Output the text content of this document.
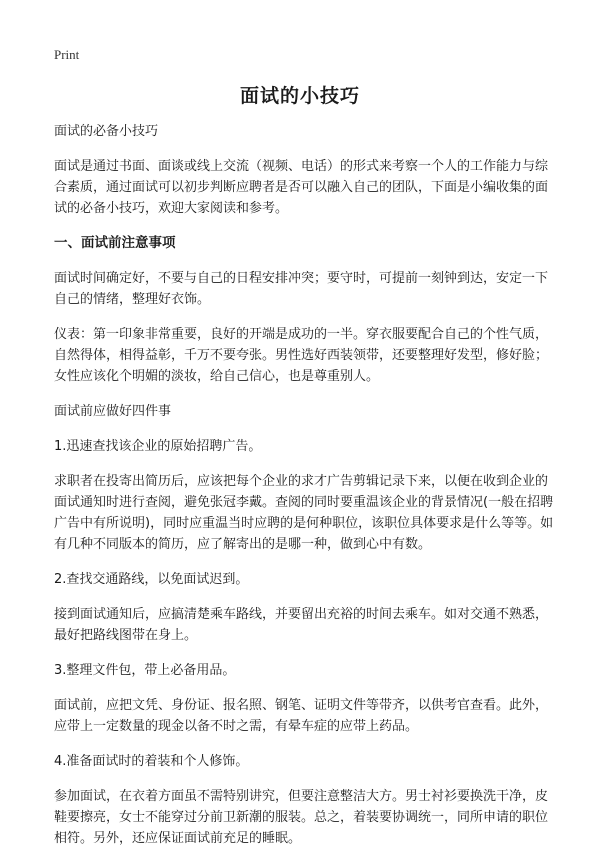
Print
面试的小技巧

面试的必备小技巧

面试是通过书面、面谈或线上交流（视频、电话）的形式来考察一个人的工作能力与综合素质，通过面试可以初步判断应聘者是否可以融入自己的团队，下面是小编收集的面试的必备小技巧，欢迎大家阅读和参考。

一、面试前注意事项

面试时间确定好，不要与自己的日程安排冲突；要守时，可提前一刻钟到达，安定一下自己的情绪，整理好衣饰。

仪表：第一印象非常重要，良好的开端是成功的一半。穿衣服要配合自己的个性气质，自然得体，相得益彰，千万不要夸张。男性选好西装领带，还要整理好发型，修好脸；女性应该化个明媚的淡妆，给自己信心，也是尊重别人。

面试前应做好四件事

1.迅速查找该企业的原始招聘广告。

求职者在投寄出简历后，应该把每个企业的求才广告剪辑记录下来，以便在收到企业的面试通知时进行查阅，避免张冠李戴。查阅的同时要重温该企业的背景情况(一般在招聘广告中有所说明)，同时应重温当时应聘的是何种职位，该职位具体要求是什么等等。如有几种不同版本的简历，应了解寄出的是哪一种，做到心中有数。

2.查找交通路线，以免面试迟到。

接到面试通知后，应搞清楚乘车路线，并要留出充裕的时间去乘车。如对交通不熟悉，最好把路线图带在身上。

3.整理文件包，带上必备用品。

面试前，应把文凭、身份证、报名照、钢笔、证明文件等带齐，以供考官查看。此外，应带上一定数量的现金以备不时之需，有晕车症的应带上药品。

4.准备面试时的着装和个人修饰。

参加面试，在衣着方面虽不需特别讲究，但要注意整洁大方。男士衬衫要换洗干净，皮鞋要擦亮，女士不能穿过分前卫新潮的服装。总之，着装要协调统一，同所申请的职位相符。另外，还应保证面试前充足的睡眠。
